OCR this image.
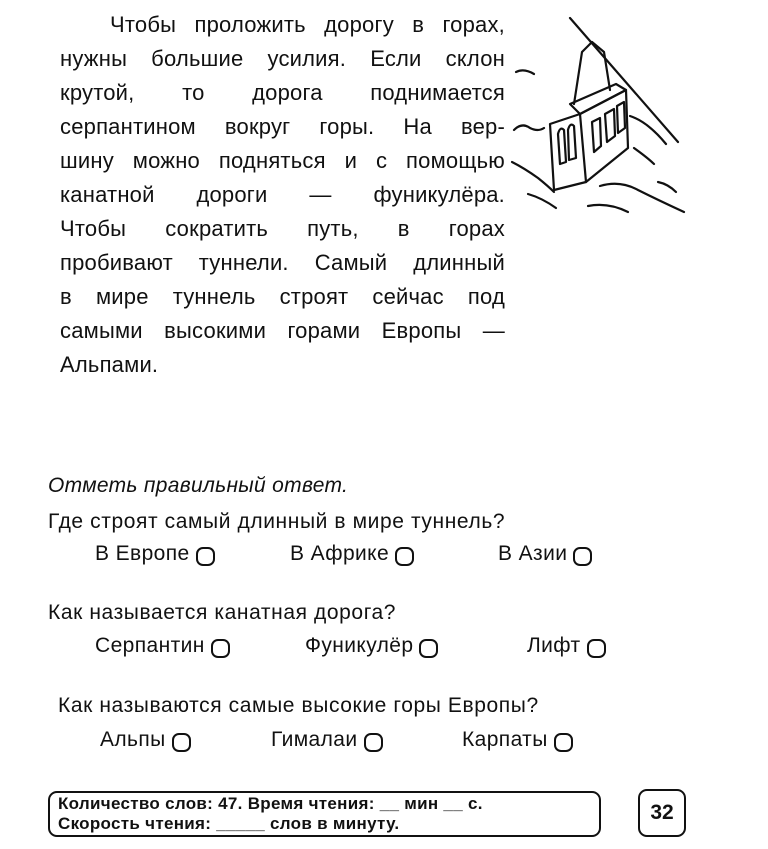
Чтобы проложить дорогу в горах,
нужны большие усилия. Если склон
крутой, то дорога поднимается
серпантином вокруг горы. На вер-
шину можно подняться и с помощью
канатной дороги — фуникулёра.
Чтобы сократить путь, в горах
пробивают туннели. Самый длинный
в мире туннель строят сейчас под
самыми высокими горами Европы —
Альпами.
Отметь правильный ответ.
Где строят самый длинный в мире туннель?
В Европе	В Африке	В Азии
Как называется канатная дорога?
Серпантин	Фуникулёр	Лифт
Как называются самые высокие горы Европы?
Альпы	Гималаи	Карпаты
Количество слов: 47. Время чтения: __ мин __ с.
Скорость чтения: _____ слов в минуту.	32
